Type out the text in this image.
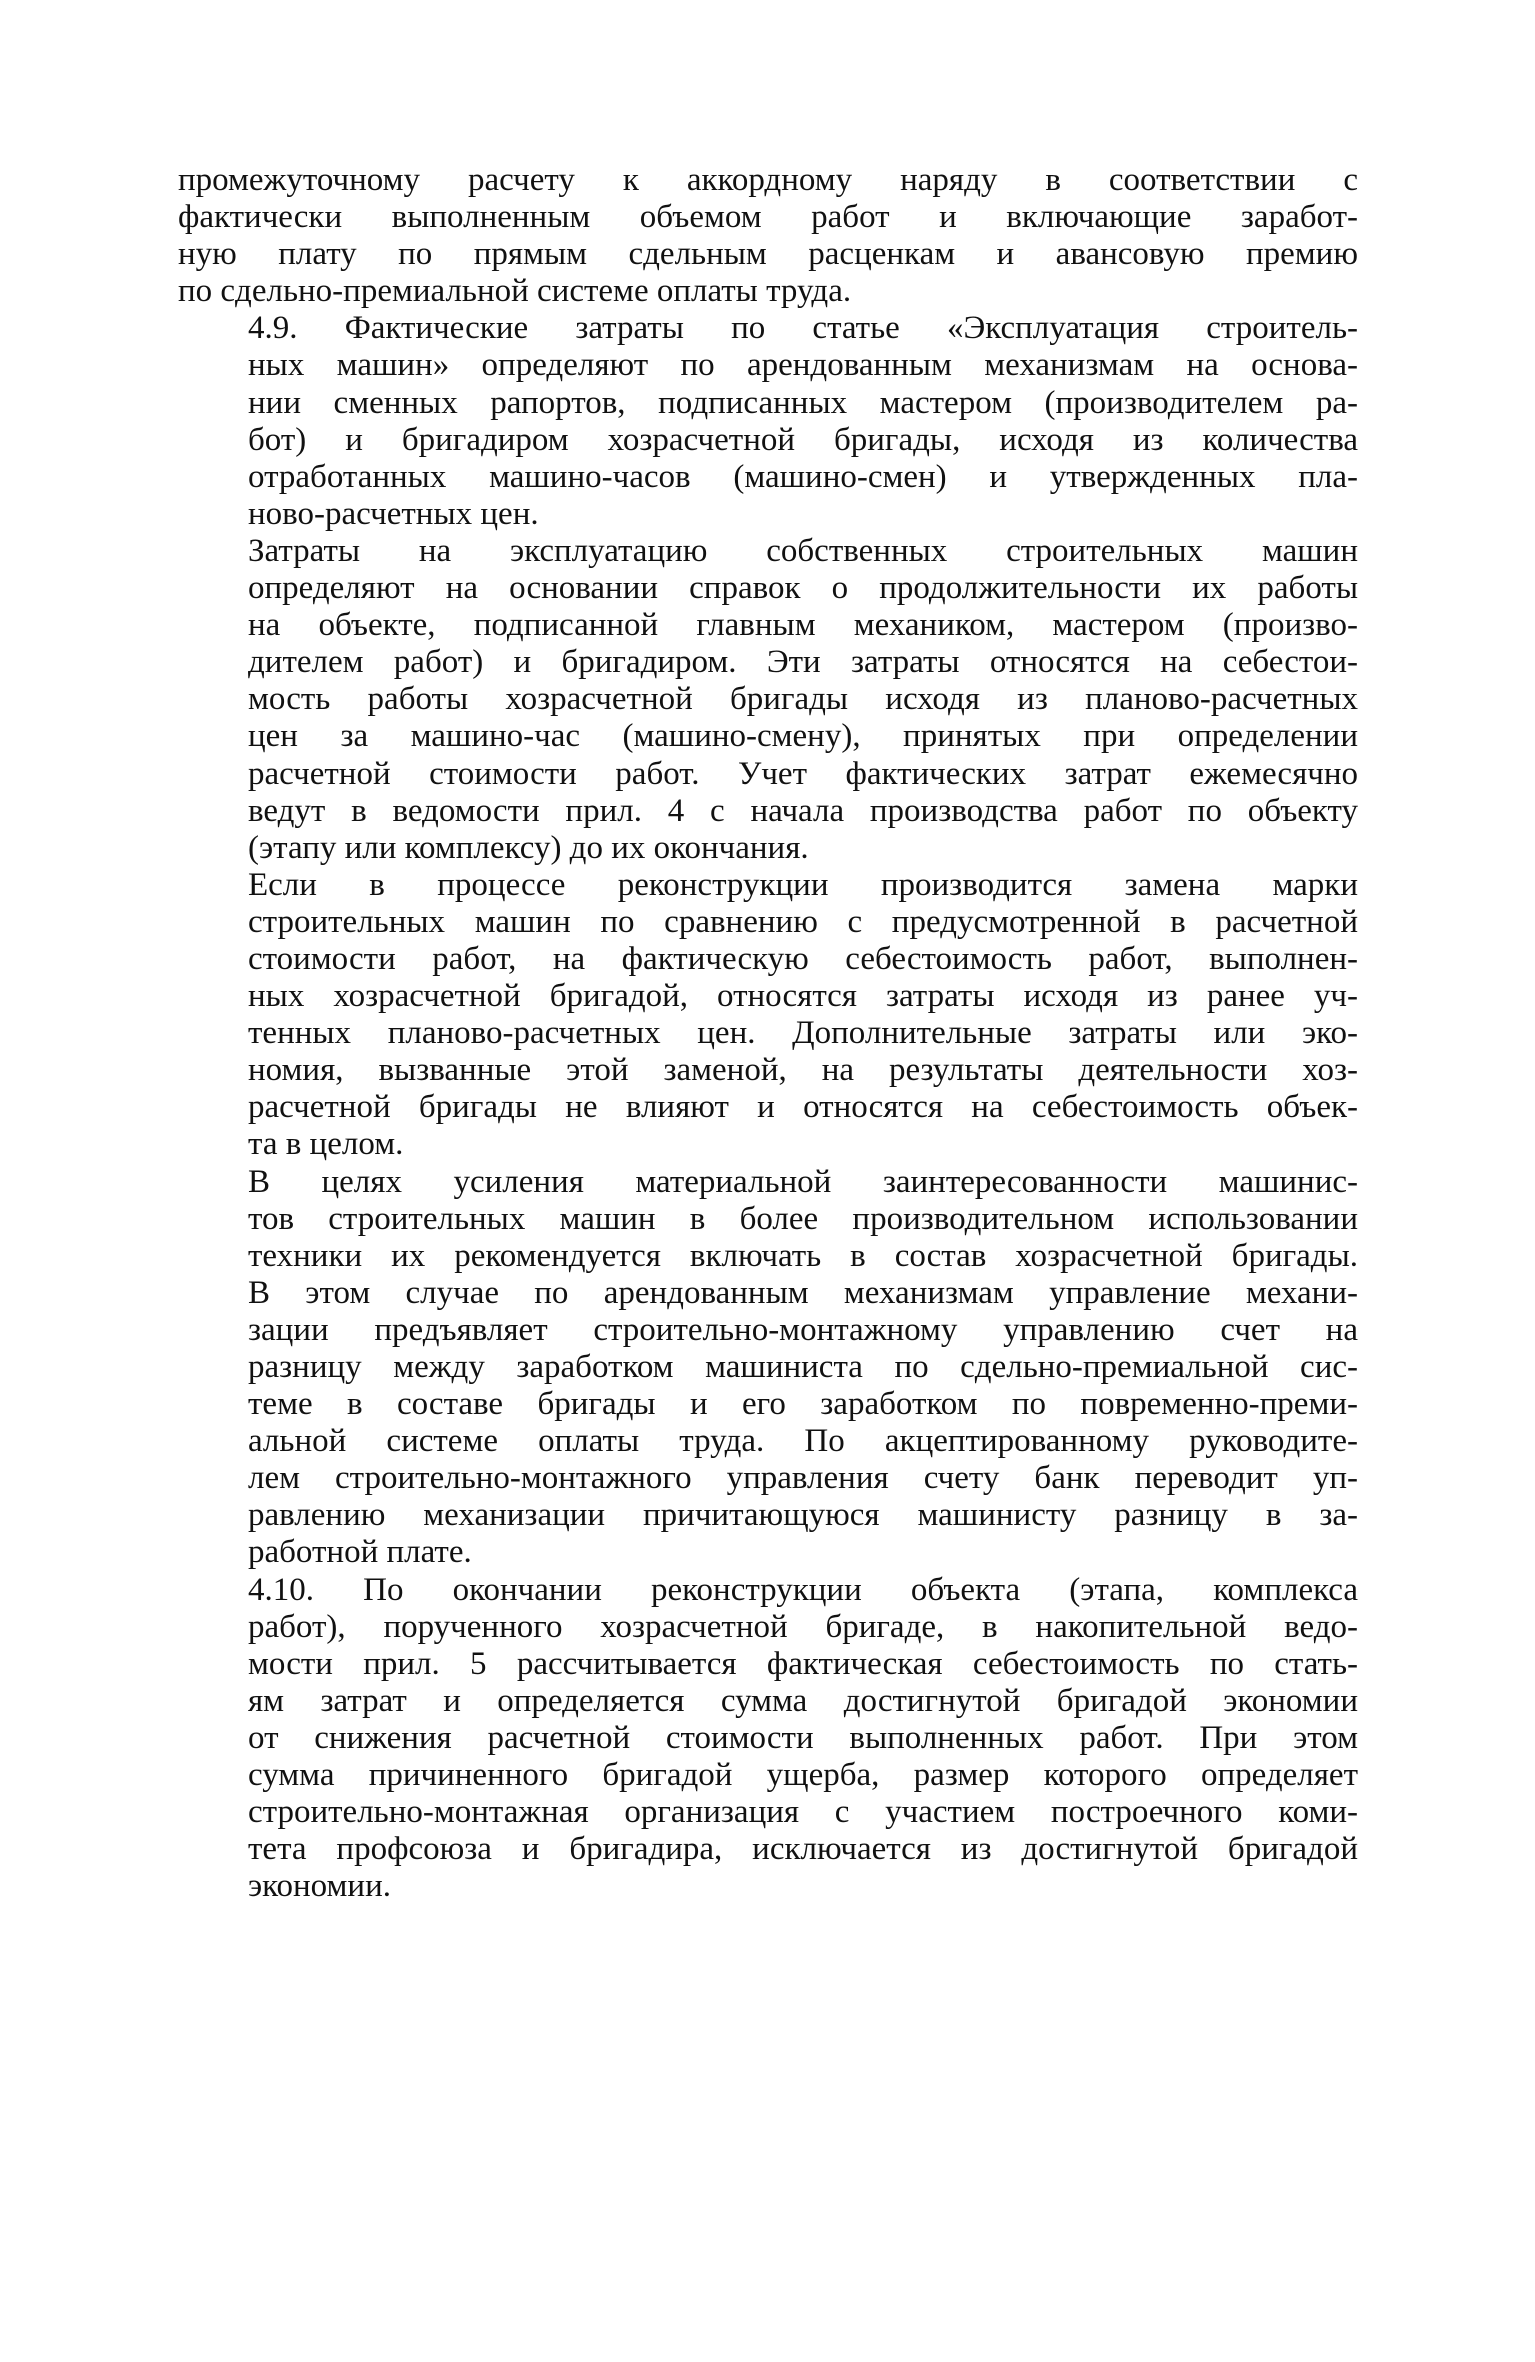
промежуточному расчету к аккордному наряду в соответствии с
фактически выполненным объемом работ и включающие заработ-
ную плату по прямым сдельным расценкам и авансовую премию
по сдельно-премиальной системе оплаты труда.

4.9. Фактические затраты по статье «Эксплуатация строитель-
ных машин» определяют по арендованным механизмам на основа-
нии сменных рапортов, подписанных мастером (производителем ра-
бот) и бригадиром хозрасчетной бригады, исходя из количества
отработанных машино-часов (машино-смен) и утвержденных пла-
ново-расчетных цен.

Затраты на эксплуатацию собственных строительных машин
определяют на основании справок о продолжительности их работы
на объекте, подписанной главным механиком, мастером (произво-
дителем работ) и бригадиром. Эти затраты относятся на себестои-
мость работы хозрасчетной бригады исходя из планово-расчетных
цен за машино-час (машино-смену), принятых при определении
расчетной стоимости работ. Учет фактических затрат ежемесячно
ведут в ведомости прил. 4 с начала производства работ по объекту
(этапу или комплексу) до их окончания.

Если в процессе реконструкции производится замена марки
строительных машин по сравнению с предусмотренной в расчетной
стоимости работ, на фактическую себестоимость работ, выполнен-
ных хозрасчетной бригадой, относятся затраты исходя из ранее уч-
тенных планово-расчетных цен. Дополнительные затраты или эко-
номия, вызванные этой заменой, на результаты деятельности хоз-
расчетной бригады не влияют и относятся на себестоимость объек-
та в целом.

В целях усиления материальной заинтересованности машинис-
тов строительных машин в более производительном использовании
техники их рекомендуется включать в состав хозрасчетной бригады.
В этом случае по арендованным механизмам управление механи-
зации предъявляет строительно-монтажному управлению счет на
разницу между заработком машиниста по сдельно-премиальной сис-
теме в составе бригады и его заработком по повременно-преми-
альной системе оплаты труда. По акцептированному руководите-
лем строительно-монтажного управления счету банк переводит уп-
равлению механизации причитающуюся машинисту разницу в за-
работной плате.

4.10. По окончании реконструкции объекта (этапа, комплекса
работ), порученного хозрасчетной бригаде, в накопительной ведо-
мости прил. 5 рассчитывается фактическая себестоимость по стать-
ям затрат и определяется сумма достигнутой бригадой экономии
от снижения расчетной стоимости выполненных работ. При этом
сумма причиненного бригадой ущерба, размер которого определяет
строительно-монтажная организация с участием построечного коми-
тета профсоюза и бригадира, исключается из достигнутой бригадой
экономии.
